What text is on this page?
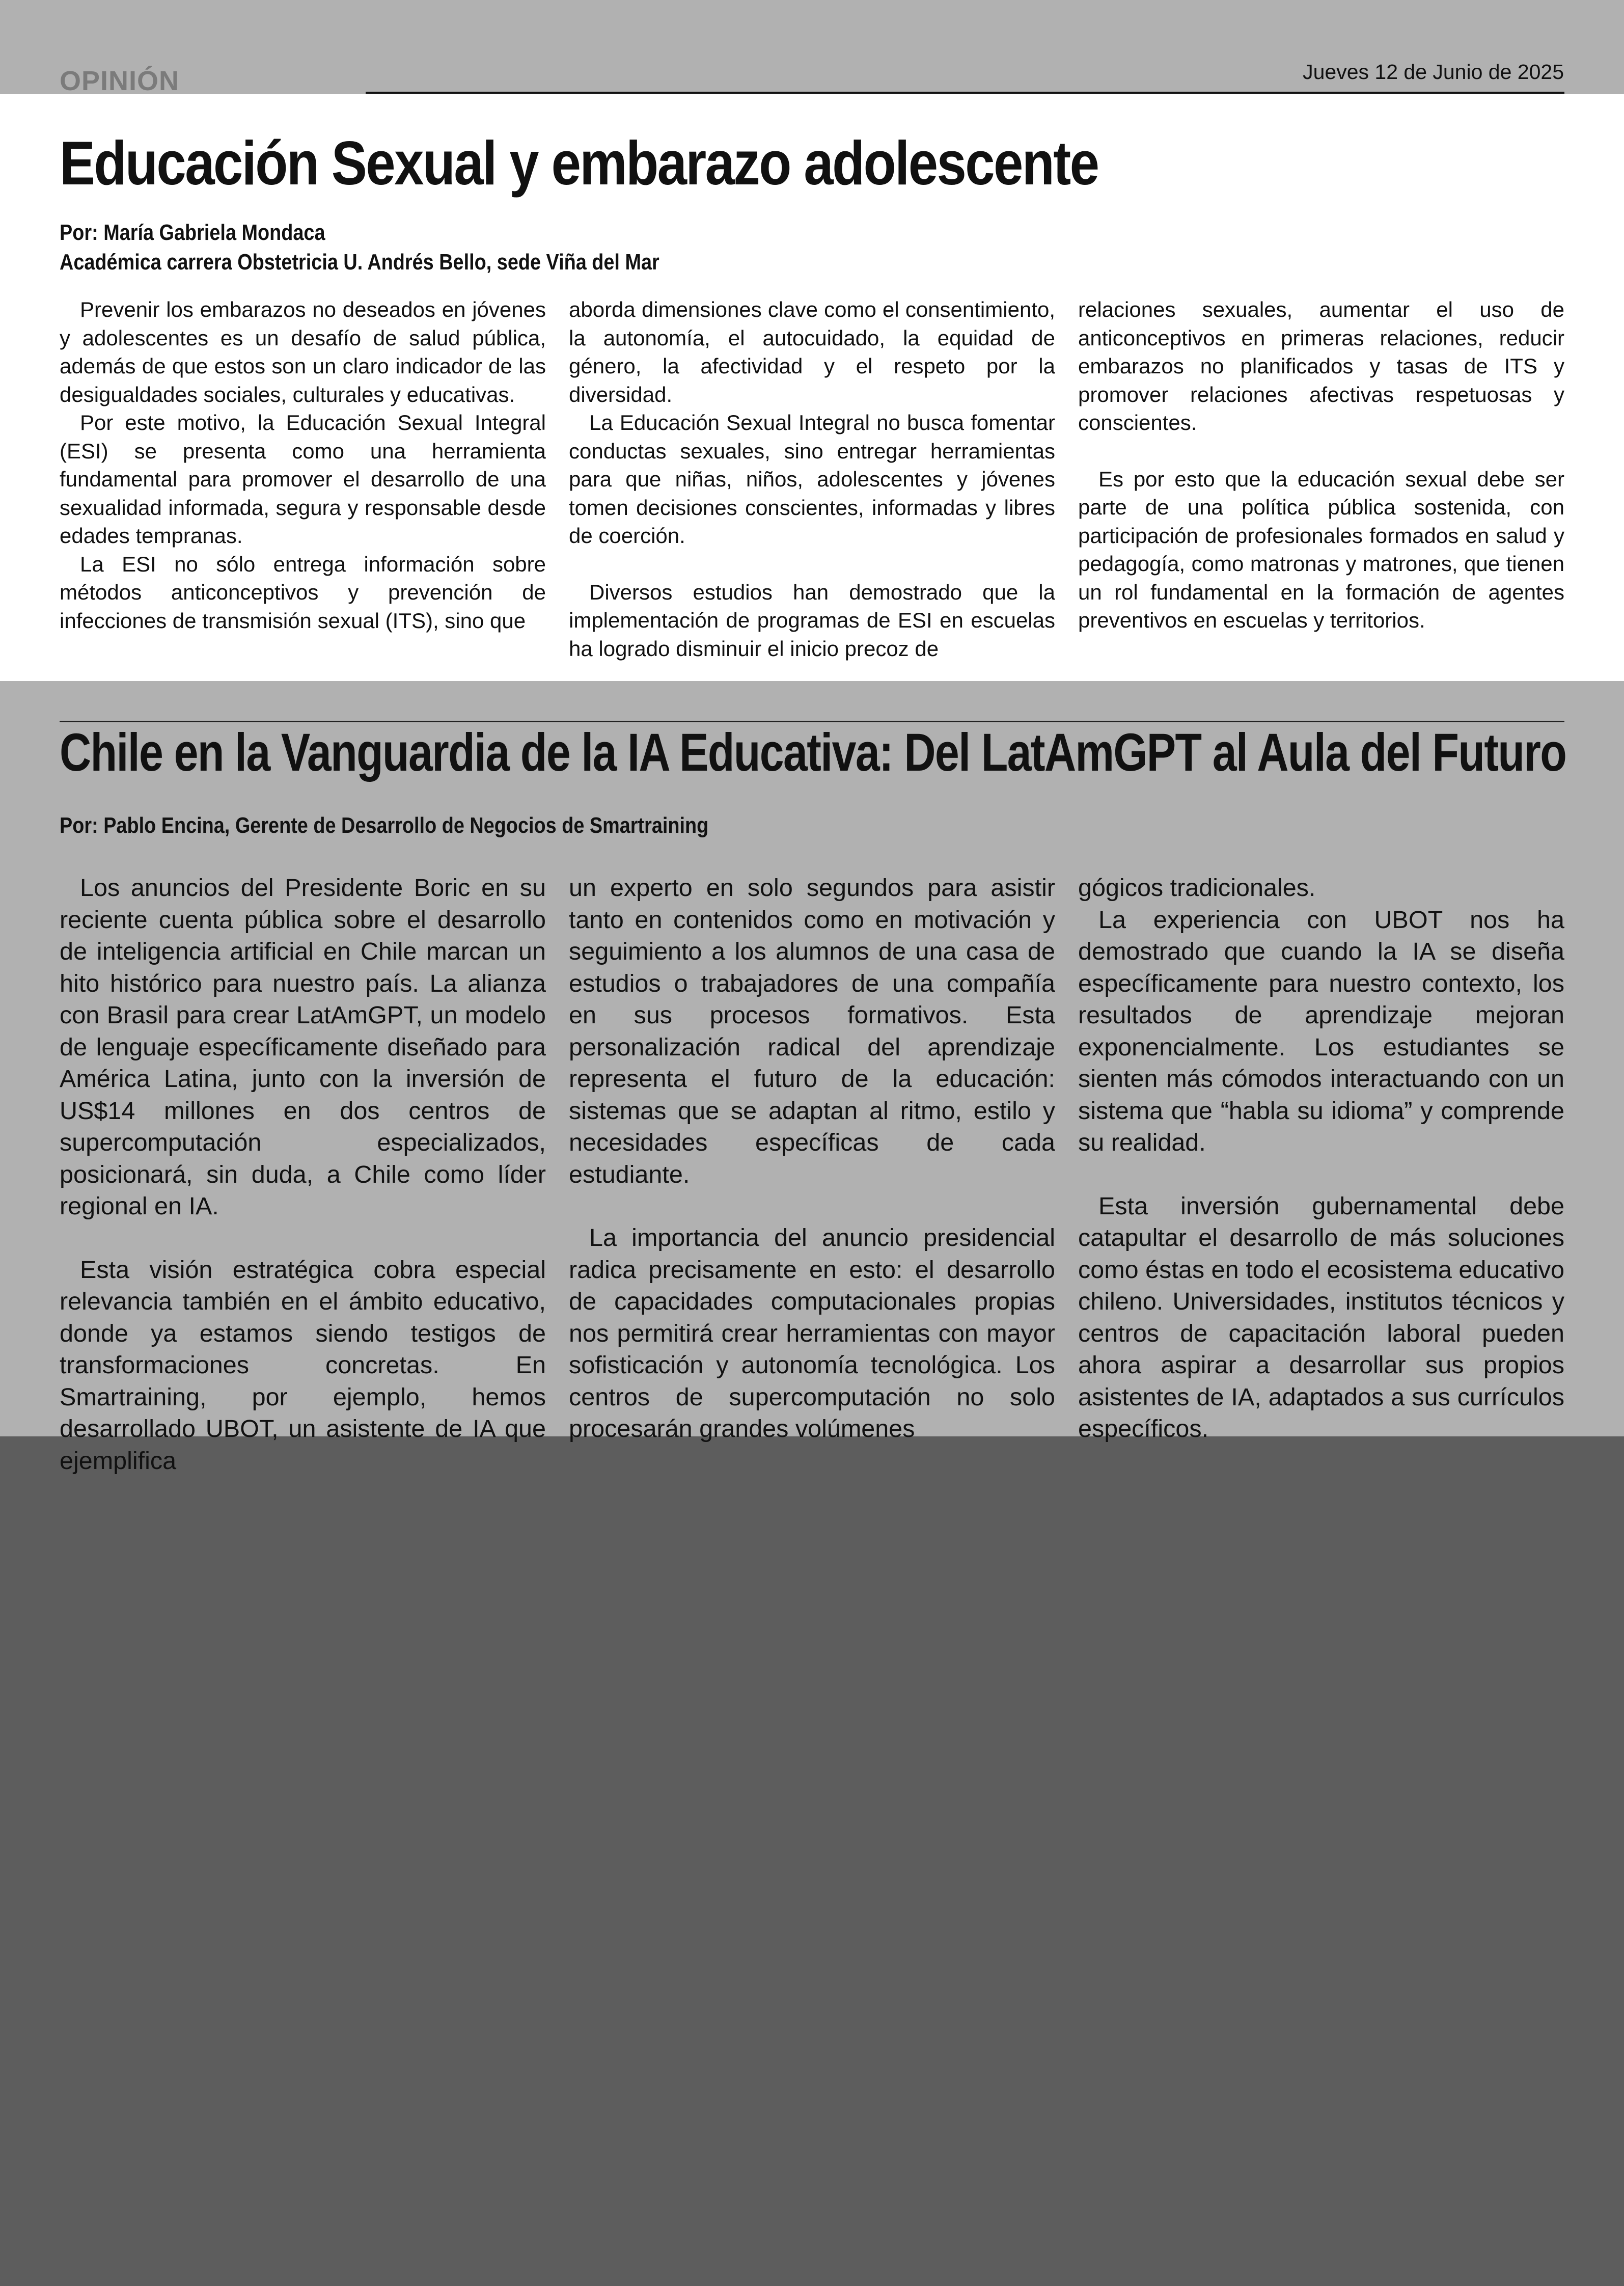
OPINIÓN	Jueves 12 de Junio de 2025
Educación Sexual y embarazo adolescente
Por: María Gabriela Mondaca
Académica carrera Obstetricia U. Andrés Bello, sede Viña del Mar

Prevenir los embarazos no deseados en jóvenes y adolescentes es un desafío de salud pública, además de que estos son un claro indicador de las desigualdades sociales, culturales y educativas.

Por este motivo, la Educación Sexual Integral (ESI) se presenta como una herramienta fundamental para promover el desarrollo de una sexualidad informada, segura y responsable desde edades tempranas.

La ESI no sólo entrega información sobre métodos anticonceptivos y prevención de infecciones de transmisión sexual (ITS), sino que

aborda dimensiones clave como el consentimiento, la autonomía, el autocuidado, la equidad de género, la afectividad y el respeto por la diversidad.

La Educación Sexual Integral no busca fomentar conductas sexuales, sino entregar herramientas para que niñas, niños, adolescentes y jóvenes tomen decisiones conscientes, informadas y libres de coerción.

Diversos estudios han demostrado que la implementación de programas de ESI en escuelas ha logrado disminuir el inicio precoz de

relaciones sexuales, aumentar el uso de anticonceptivos en primeras relaciones, reducir embarazos no planificados y tasas de ITS y promover relaciones afectivas respetuosas y conscientes.

Es por esto que la educación sexual debe ser parte de una política pública sostenida, con participación de profesionales formados en salud y pedagogía, como matronas y matrones, que tienen un rol fundamental en la formación de agentes preventivos en escuelas y territorios.

Chile en la Vanguardia de la IA Educativa: Del LatAmGPT al Aula del Futuro
Por: Pablo Encina, Gerente de Desarrollo de Negocios de Smartraining

Los anuncios del Presidente Boric en su reciente cuenta pública sobre el desarrollo de inteligencia artificial en Chile marcan un hito histórico para nuestro país. La alianza con Brasil para crear LatAmGPT, un modelo de lenguaje específicamente diseñado para América Latina, junto con la inversión de US$14 millones en dos centros de supercomputación especializados, posicionará, sin duda, a Chile como líder regional en IA.

Esta visión estratégica cobra especial relevancia también en el ámbito educativo, donde ya estamos siendo testigos de transformaciones concretas. En Smartraining, por ejemplo, hemos desarrollado UBOT, un asistente de IA que ejemplifica

un experto en solo segundos para asistir tanto en contenidos como en motivación y seguimiento a los alumnos de una casa de estudios o trabajadores de una compañía en sus procesos formativos. Esta personalización radical del aprendizaje representa el futuro de la educación: sistemas que se adaptan al ritmo, estilo y necesidades específicas de cada estudiante.

La importancia del anuncio presidencial radica precisamente en esto: el desarrollo de capacidades computacionales propias nos permitirá crear herramientas con mayor sofisticación y autonomía tecnológica. Los centros de supercomputación no solo procesarán grandes volúmenes

gógicos tradicionales.

La experiencia con UBOT nos ha demostrado que cuando la IA se diseña específicamente para nuestro contexto, los resultados de aprendizaje mejoran exponencialmente. Los estudiantes se sienten más cómodos interactuando con un sistema que “habla su idioma” y comprende su realidad.

Esta inversión gubernamental debe catapultar el desarrollo de más soluciones como éstas en todo el ecosistema educativo chileno. Universidades, institutos técnicos y centros de capacitación laboral pueden ahora aspirar a desarrollar sus propios asistentes de IA, adaptados a sus currículos específicos.
